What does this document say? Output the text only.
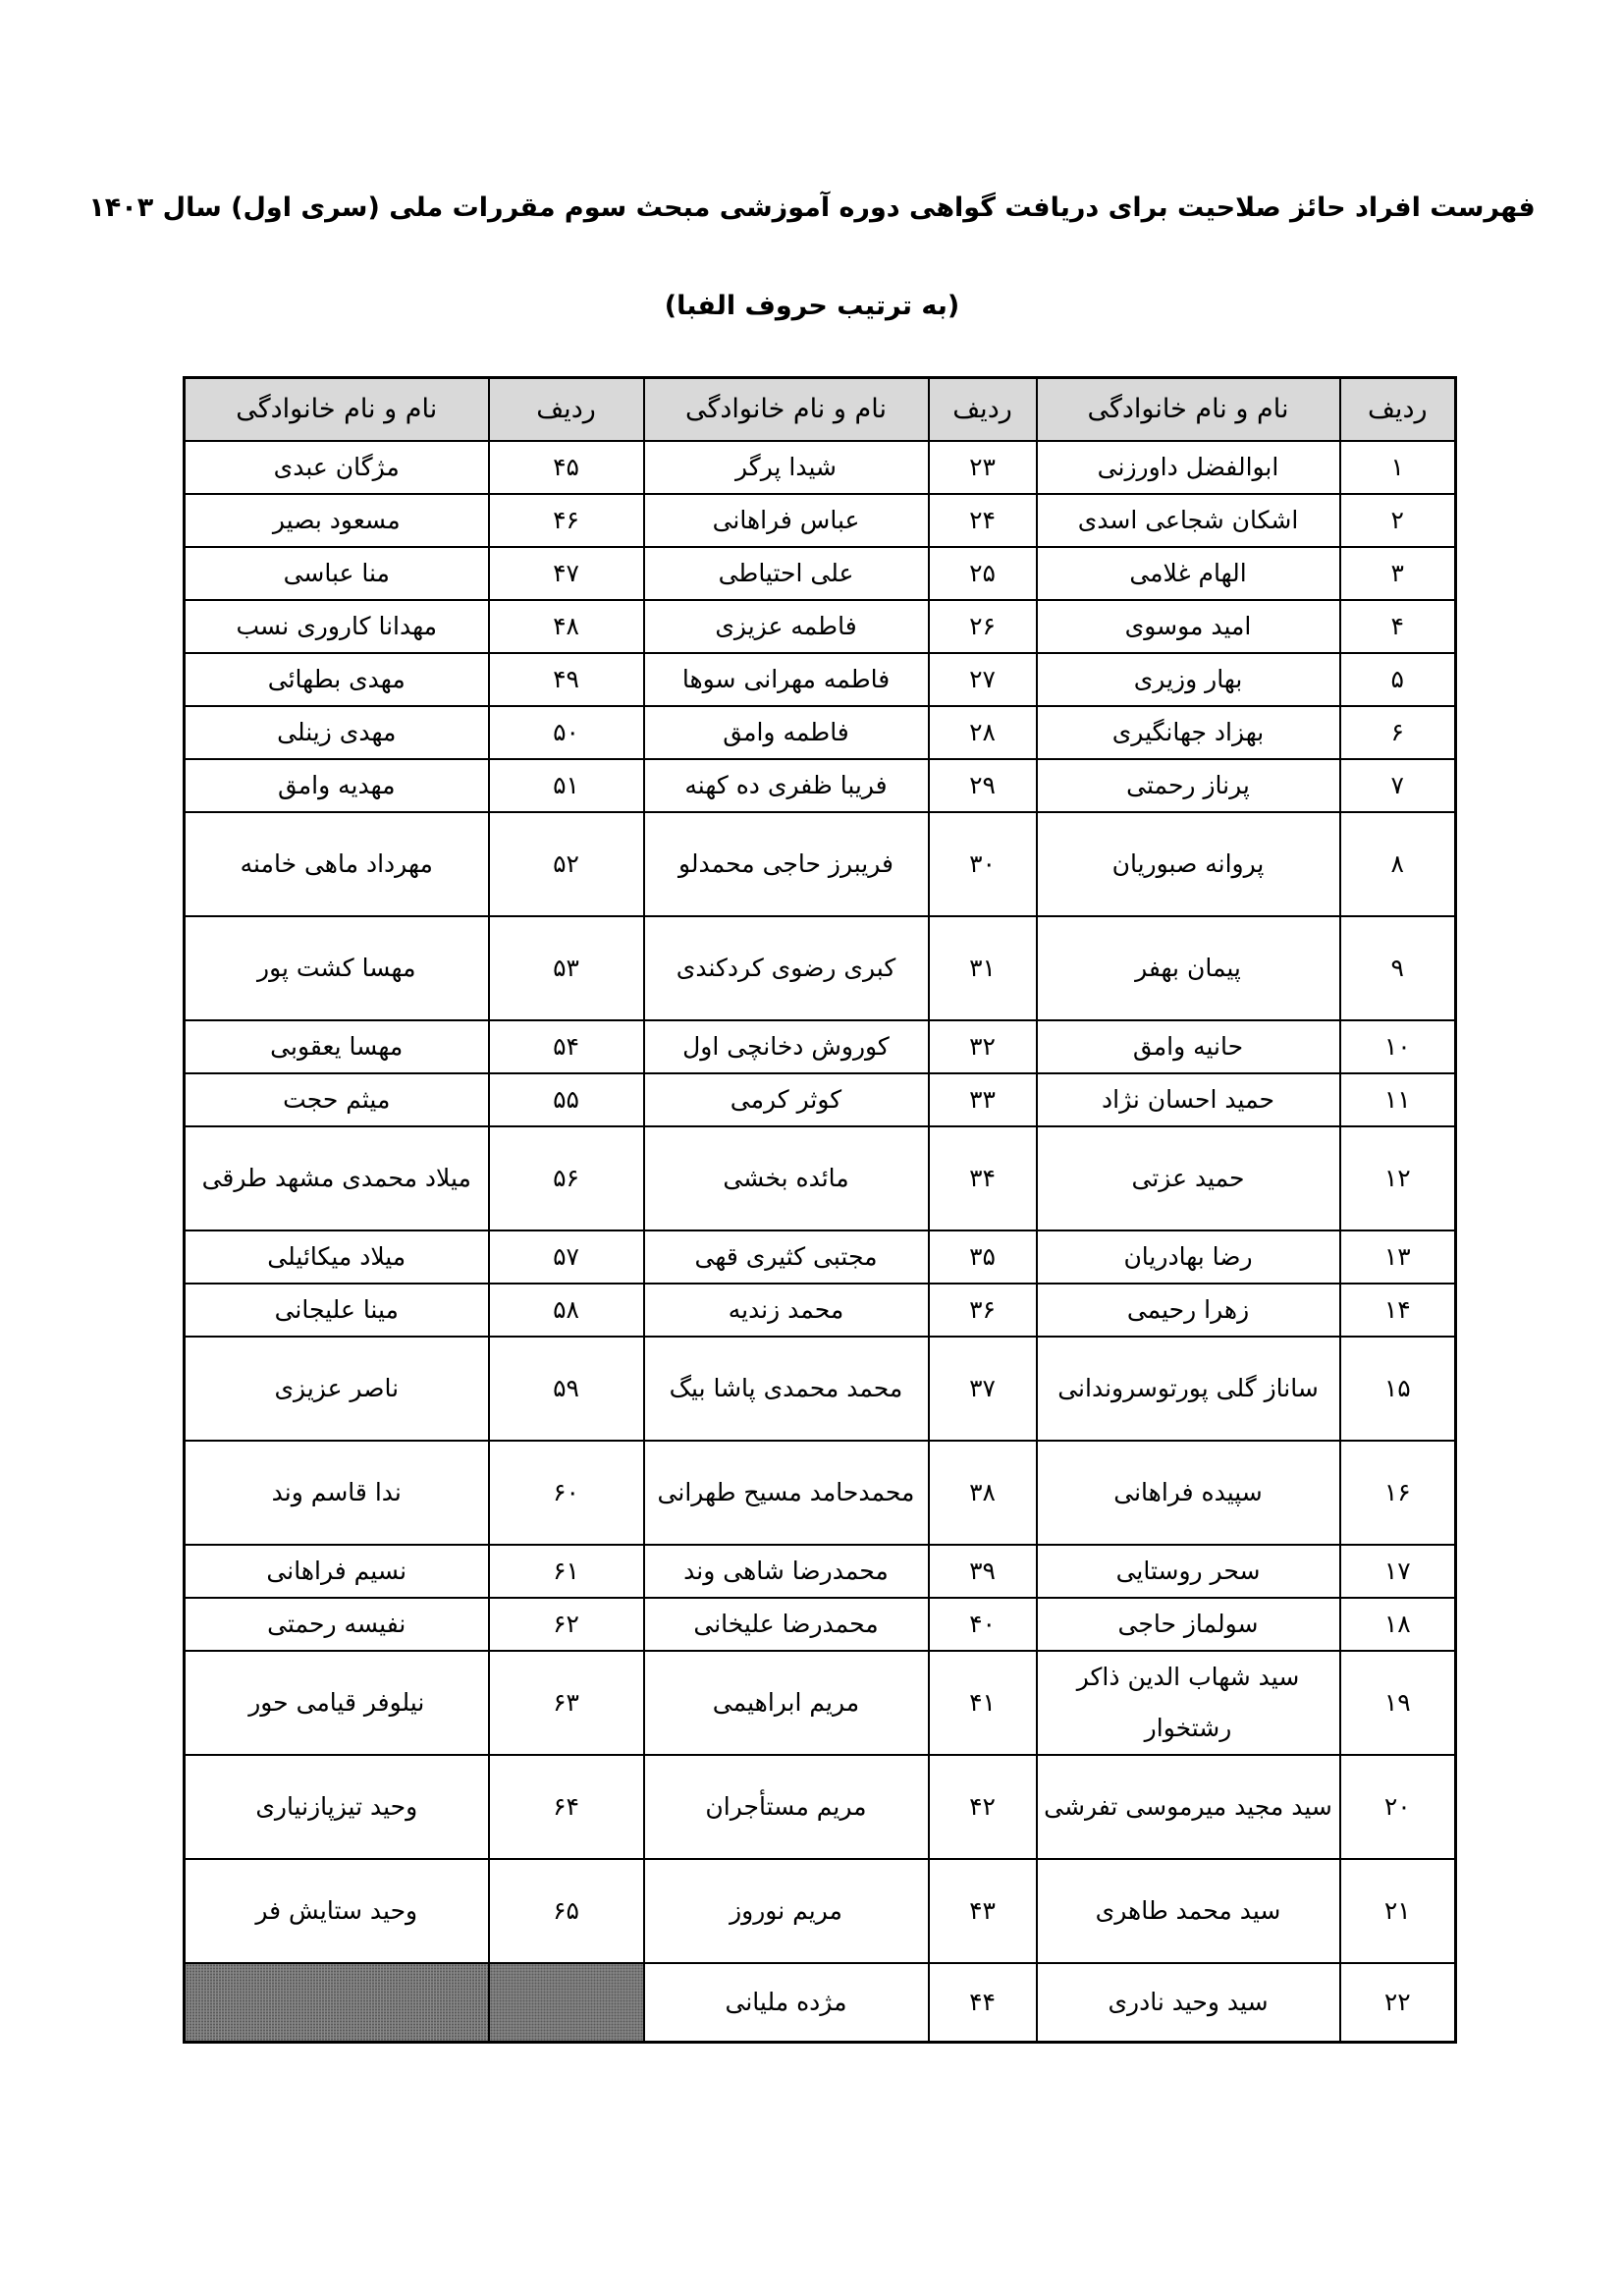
فهرست افراد حائز صلاحیت برای دریافت گواهی دوره آموزشی مبحث سوم مقررات ملی (سری اول) سال ۱۴۰۳
(به ترتیب حروف الفبا)
ردیف	نام و نام خانوادگی	ردیف	نام و نام خانوادگی	ردیف	نام و نام خانوادگی
۱	ابوالفضل داورزنی	۲۳	شیدا پرگر	۴۵	مژگان عبدی
۲	اشکان شجاعی اسدی	۲۴	عباس فراهانی	۴۶	مسعود بصیر
۳	الهام غلامی	۲۵	علی احتیاطی	۴۷	منا عباسی
۴	امید موسوی	۲۶	فاطمه عزیزی	۴۸	مهدانا کاروری نسب
۵	بهار وزیری	۲۷	فاطمه مهرانی سوها	۴۹	مهدی بطهائی
۶	بهزاد جهانگیری	۲۸	فاطمه وامق	۵۰	مهدی زینلی
۷	پرناز رحمتی	۲۹	فریبا ظفری ده کهنه	۵۱	مهدیه وامق
۸	پروانه صبوریان	۳۰	فریبرز حاجی محمدلو	۵۲	مهرداد ماهی خامنه
۹	پیمان بهفر	۳۱	کبری رضوی کردکندی	۵۳	مهسا کشت پور
۱۰	حانیه وامق	۳۲	کوروش دخانچی اول	۵۴	مهسا یعقوبی
۱۱	حمید احسان نژاد	۳۳	کوثر کرمی	۵۵	میثم حجت
۱۲	حمید عزتی	۳۴	مائده بخشی	۵۶	میلاد محمدی مشهد طرقی
۱۳	رضا بهادریان	۳۵	مجتبی کثیری قهی	۵۷	میلاد میکائیلی
۱۴	زهرا رحیمی	۳۶	محمد زندیه	۵۸	مینا علیجانی
۱۵	ساناز گلی پورتوسروندانی	۳۷	محمد محمدی پاشا بیگ	۵۹	ناصر عزیزی
۱۶	سپیده فراهانی	۳۸	محمدحامد مسیح طهرانی	۶۰	ندا قاسم وند
۱۷	سحر روستایی	۳۹	محمدرضا شاهی وند	۶۱	نسیم فراهانی
۱۸	سولماز حاجی	۴۰	محمدرضا علیخانی	۶۲	نفیسه رحمتی
۱۹	سید شهاب الدین ذاکر رشتخوار	۴۱	مریم ابراهیمی	۶۳	نیلوفر قیامی حور
۲۰	سید مجید میرموسی تفرشی	۴۲	مریم مستأجران	۶۴	وحید تیزپازنیاری
۲۱	سید محمد طاهری	۴۳	مریم نوروز	۶۵	وحید ستایش فر
۲۲	سید وحید نادری	۴۴	مژده ملیانی		
